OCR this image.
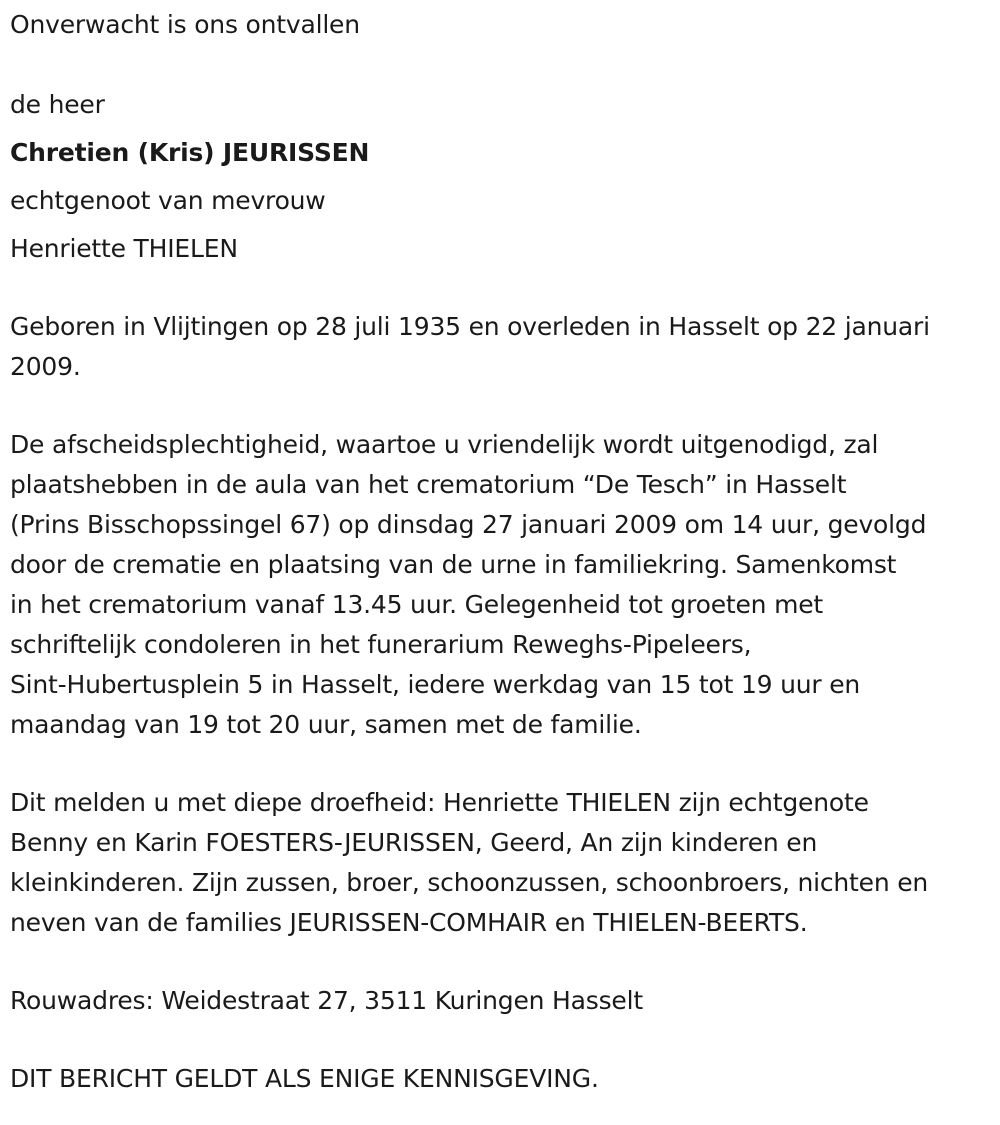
Onverwacht is ons ontvallen
de heer
Chretien (Kris) JEURISSEN
echtgenoot van mevrouw
Henriette THIELEN
Geboren in Vlijtingen op 28 juli 1935 en overleden in Hasselt op 22 januari
2009.
De afscheidsplechtigheid, waartoe u vriendelijk wordt uitgenodigd, zal
plaatshebben in de aula van het crematorium “De Tesch” in Hasselt
(Prins Bisschopssingel 67) op dinsdag 27 januari 2009 om 14 uur, gevolgd
door de crematie en plaatsing van de urne in familiekring. Samenkomst
in het crematorium vanaf 13.45 uur. Gelegenheid tot groeten met
schriftelijk condoleren in het funerarium Reweghs-Pipeleers,
Sint-Hubertusplein 5 in Hasselt, iedere werkdag van 15 tot 19 uur en
maandag van 19 tot 20 uur, samen met de familie.
Dit melden u met diepe droefheid: Henriette THIELEN zijn echtgenote
Benny en Karin FOESTERS-JEURISSEN, Geerd, An zijn kinderen en
kleinkinderen. Zijn zussen, broer, schoonzussen, schoonbroers, nichten en
neven van de families JEURISSEN-COMHAIR en THIELEN-BEERTS.
Rouwadres: Weidestraat 27, 3511 Kuringen Hasselt
DIT BERICHT GELDT ALS ENIGE KENNISGEVING.
